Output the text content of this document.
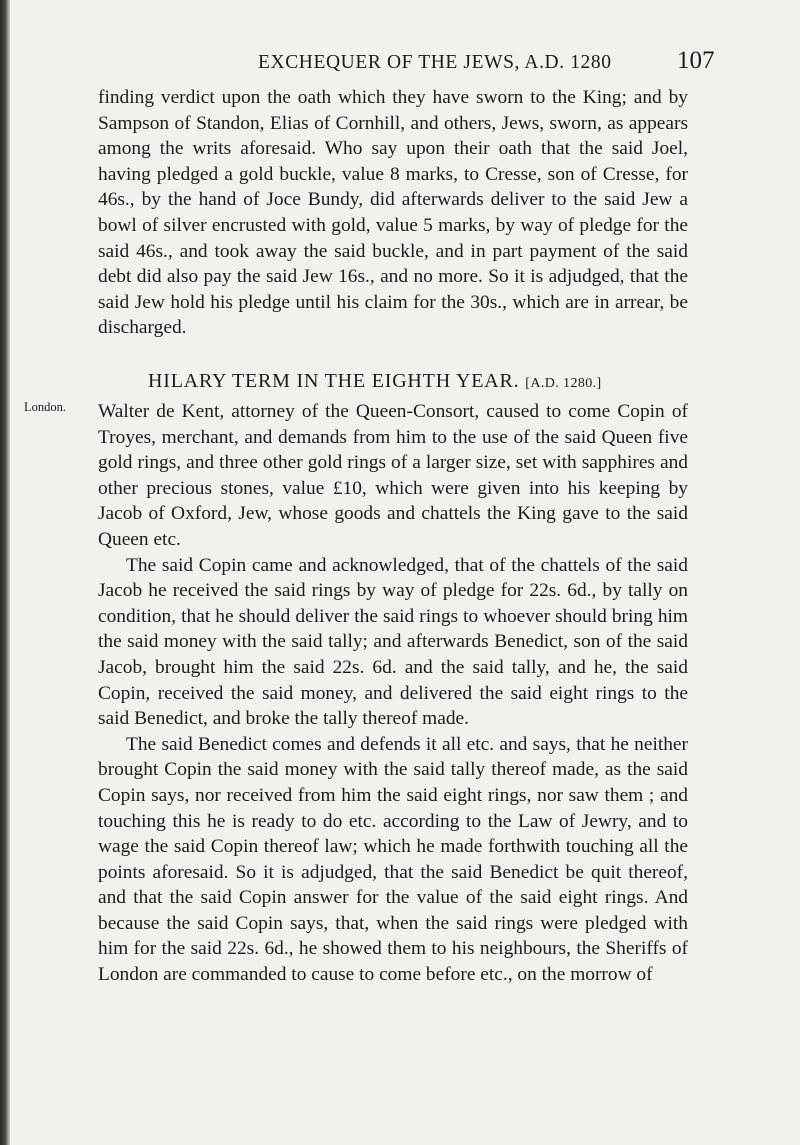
EXCHEQUER OF THE JEWS, A.D. 1280	107

finding verdict upon the oath which they have sworn to the King; and by Sampson of Standon, Elias of Cornhill, and others, Jews, sworn, as appears among the writs aforesaid. Who say upon their oath that the said Joel, having pledged a gold buckle, value 8 marks, to Cresse, son of Cresse, for 46s., by the hand of Joce Bundy, did afterwards deliver to the said Jew a bowl of silver encrusted with gold, value 5 marks, by way of pledge for the said 46s., and took away the said buckle, and in part payment of the said debt did also pay the said Jew 16s., and no more. So it is adjudged, that the said Jew hold his pledge until his claim for the 30s., which are in arrear, be discharged.

HILARY TERM IN THE EIGHTH YEAR. [A.D. 1280.]
London. Walter de Kent, attorney of the Queen-Consort, caused to come Copin of Troyes, merchant, and demands from him to the use of the said Queen five gold rings, and three other gold rings of a larger size, set with sapphires and other precious stones, value £10, which were given into his keeping by Jacob of Oxford, Jew, whose goods and chattels the King gave to the said Queen etc.

The said Copin came and acknowledged, that of the chattels of the said Jacob he received the said rings by way of pledge for 22s. 6d., by tally on condition, that he should deliver the said rings to whoever should bring him the said money with the said tally; and afterwards Benedict, son of the said Jacob, brought him the said 22s. 6d. and the said tally, and he, the said Copin, received the said money, and delivered the said eight rings to the said Benedict, and broke the tally thereof made.

The said Benedict comes and defends it all etc. and says, that he neither brought Copin the said money with the said tally thereof made, as the said Copin says, nor received from him the said eight rings, nor saw them ; and touching this he is ready to do etc. according to the Law of Jewry, and to wage the said Copin thereof law; which he made forthwith touching all the points aforesaid. So it is adjudged, that the said Benedict be quit thereof, and that the said Copin answer for the value of the said eight rings. And because the said Copin says, that, when the said rings were pledged with him for the said 22s. 6d., he showed them to his neighbours, the Sheriffs of London are commanded to cause to come before etc., on the morrow of
